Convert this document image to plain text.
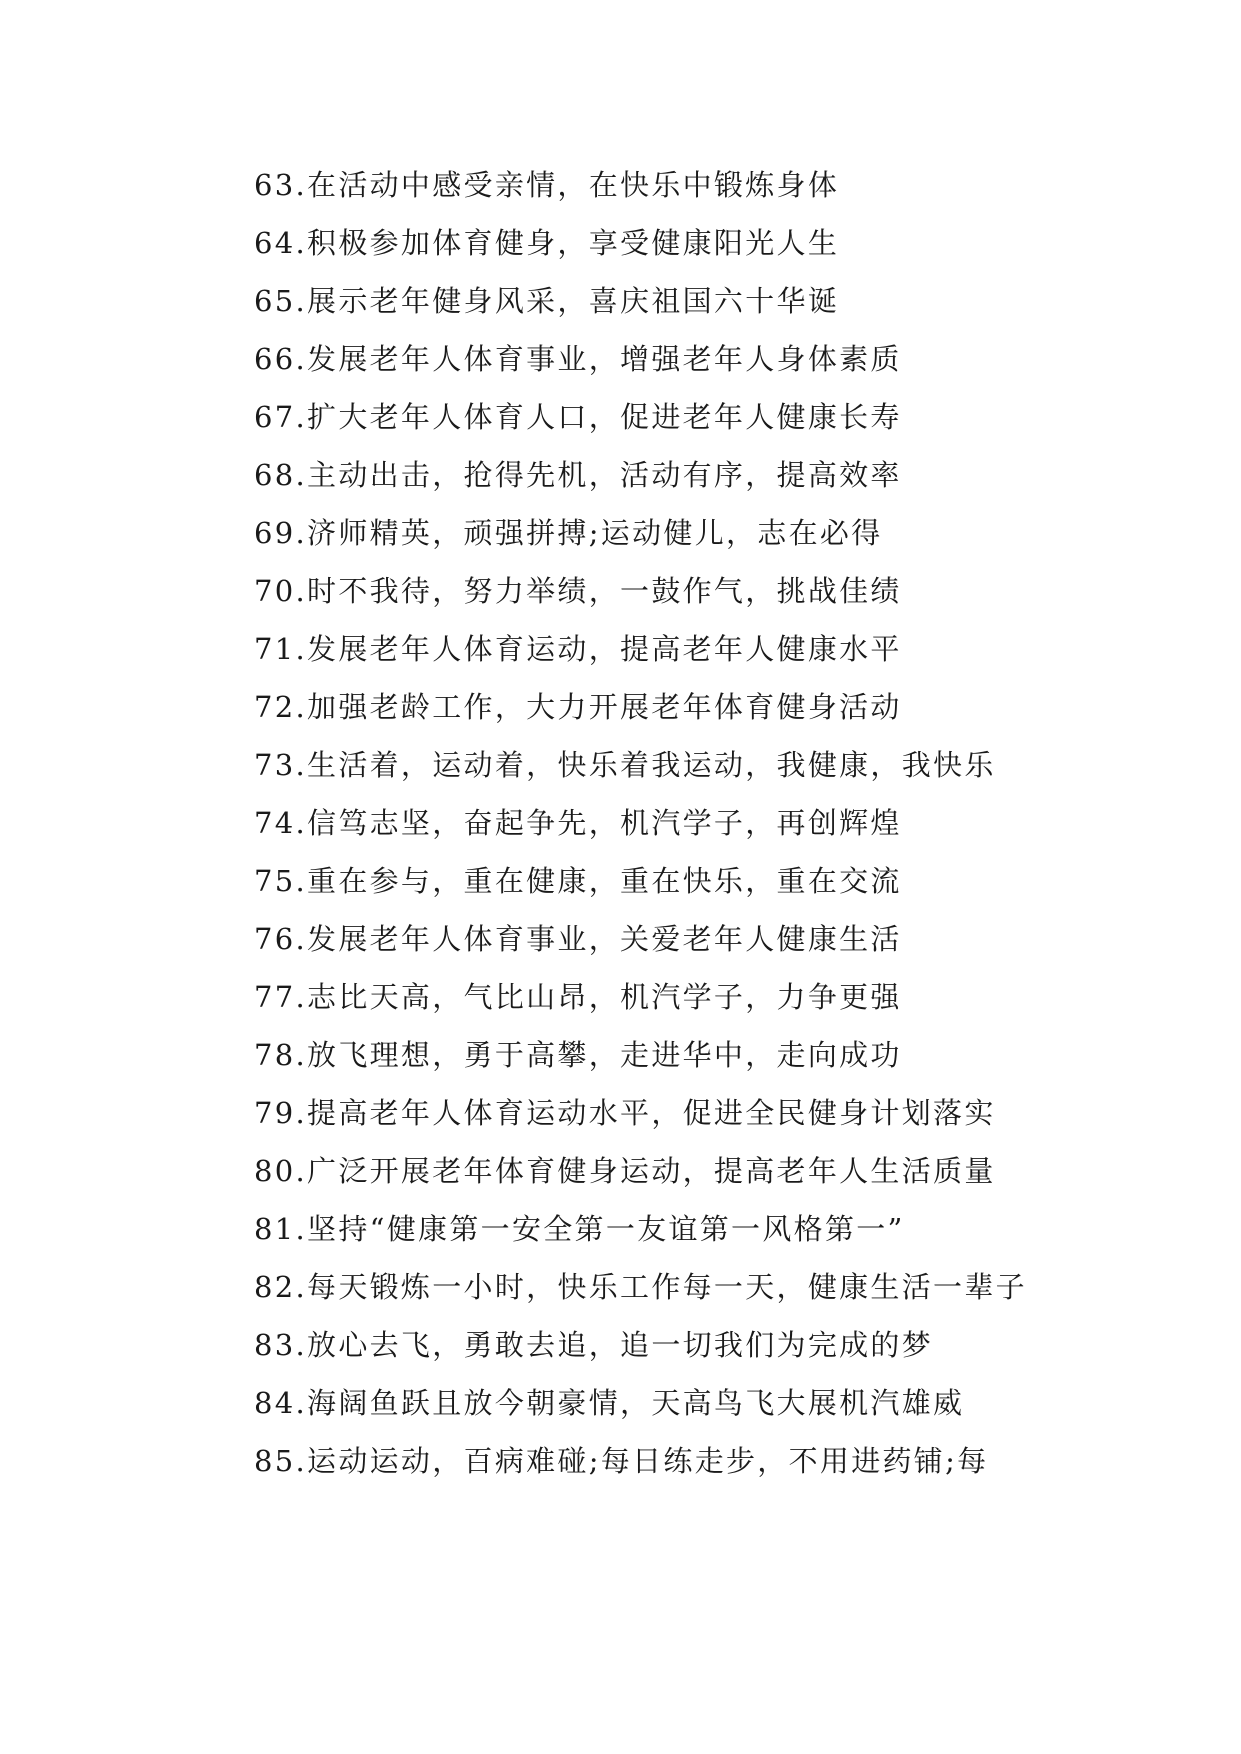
63.在活动中感受亲情，在快乐中锻炼身体

64.积极参加体育健身，享受健康阳光人生

65.展示老年健身风采，喜庆祖国六十华诞

66.发展老年人体育事业，增强老年人身体素质

67.扩大老年人体育人口，促进老年人健康长寿

68.主动出击，抢得先机，活动有序，提高效率

69.济师精英，顽强拼搏;运动健儿，志在必得

70.时不我待，努力举绩，一鼓作气，挑战佳绩

71.发展老年人体育运动，提高老年人健康水平

72.加强老龄工作，大力开展老年体育健身活动

73.生活着，运动着，快乐着我运动，我健康，我快乐

74.信笃志坚，奋起争先，机汽学子，再创辉煌

75.重在参与，重在健康，重在快乐，重在交流

76.发展老年人体育事业，关爱老年人健康生活

77.志比天高，气比山昂，机汽学子，力争更强

78.放飞理想，勇于高攀，走进华中，走向成功

79.提高老年人体育运动水平，促进全民健身计划落实

80.广泛开展老年体育健身运动，提高老年人生活质量

81.坚持“健康第一安全第一友谊第一风格第一”

82.每天锻炼一小时，快乐工作每一天，健康生活一辈子

83.放心去飞，勇敢去追，追一切我们为完成的梦

84.海阔鱼跃且放今朝豪情，天高鸟飞大展机汽雄威

85.运动运动，百病难碰;每日练走步，不用进药铺;每
